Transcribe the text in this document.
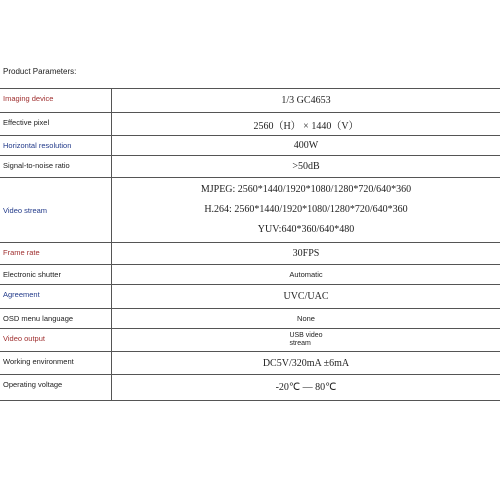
Product Parameters:
Imaging device	1/3 GC4653
Effective pixel	2560（H） × 1440（V）
Horizontal resolution	400W
Signal-to-noise ratio	>50dB
Video stream	MJPEG: 2560*1440/1920*1080/1280*720/640*360
H.264: 2560*1440/1920*1080/1280*720/640*360
YUV:640*360/640*480

Frame rate	30FPS
Electronic shutter	Automatic
Agreement	UVC/UAC
OSD menu language	None
Video output	USB video
stream
Working environment	DC5V/320mA ±6mA
Operating voltage	-20℃ — 80℃
